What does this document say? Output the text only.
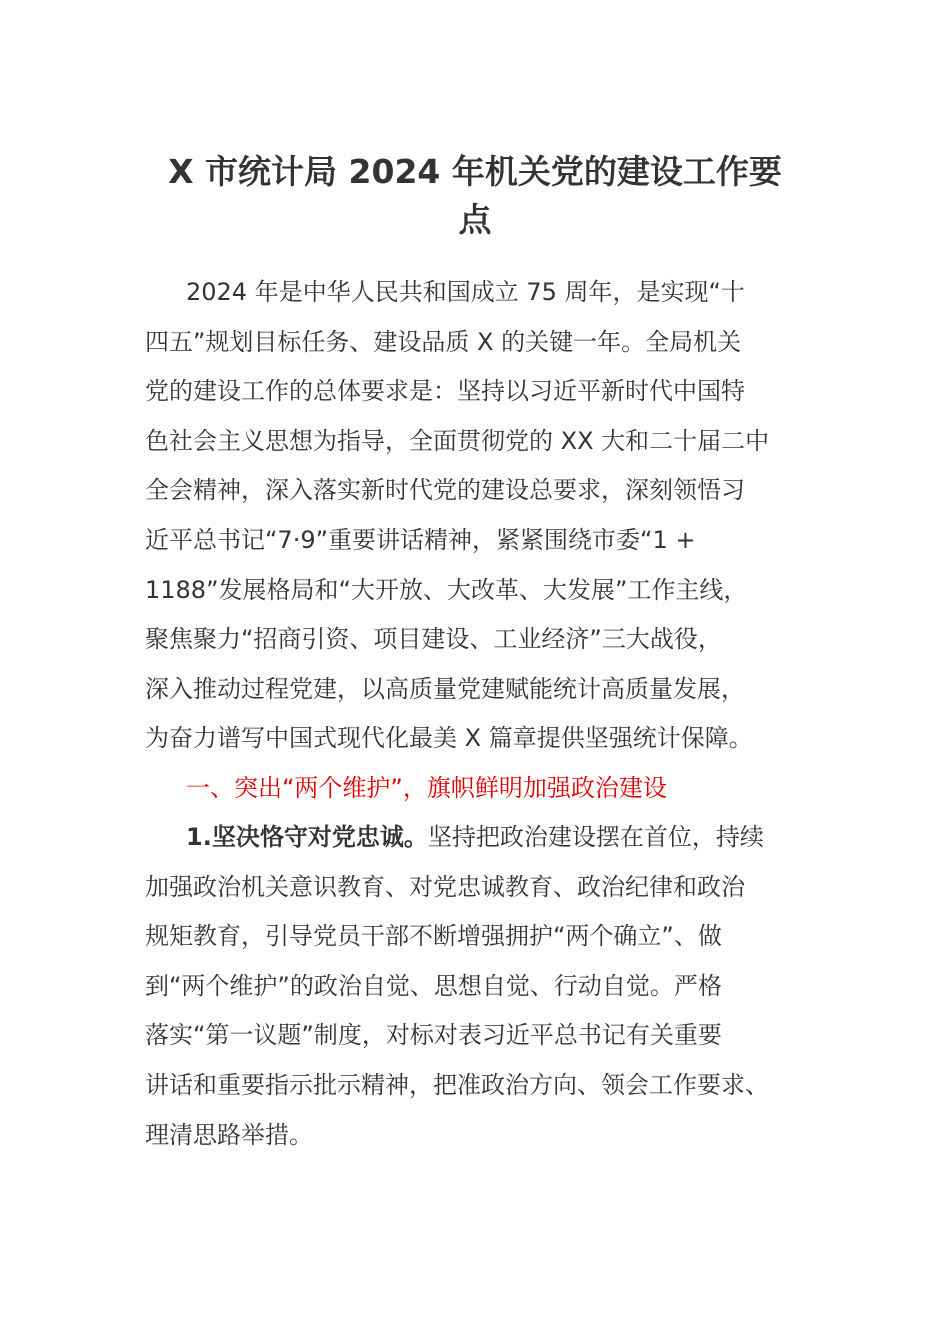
X 市统计局 2024 年机关党的建设工作要
点
2024 年是中华人民共和国成立 75 周年，是实现“十
四五”规划目标任务、建设品质 X 的关键一年。全局机关
党的建设工作的总体要求是：坚持以习近平新时代中国特
色社会主义思想为指导，全面贯彻党的 XX 大和二十届二中
全会精神，深入落实新时代党的建设总要求，深刻领悟习
近平总书记“7·9”重要讲话精神，紧紧围绕市委“1 +
1188”发展格局和“大开放、大改革、大发展”工作主线，
聚焦聚力“招商引资、项目建设、工业经济”三大战役，
深入推动过程党建，以高质量党建赋能统计高质量发展，
为奋力谱写中国式现代化最美 X 篇章提供坚强统计保障。
一、突出“两个维护”，旗帜鲜明加强政治建设
1.坚决恪守对党忠诚。坚持把政治建设摆在首位，持续
加强政治机关意识教育、对党忠诚教育、政治纪律和政治
规矩教育，引导党员干部不断增强拥护“两个确立”、做
到“两个维护”的政治自觉、思想自觉、行动自觉。严格
落实“第一议题”制度，对标对表习近平总书记有关重要
讲话和重要指示批示精神，把准政治方向、领会工作要求、
理清思路举措。
